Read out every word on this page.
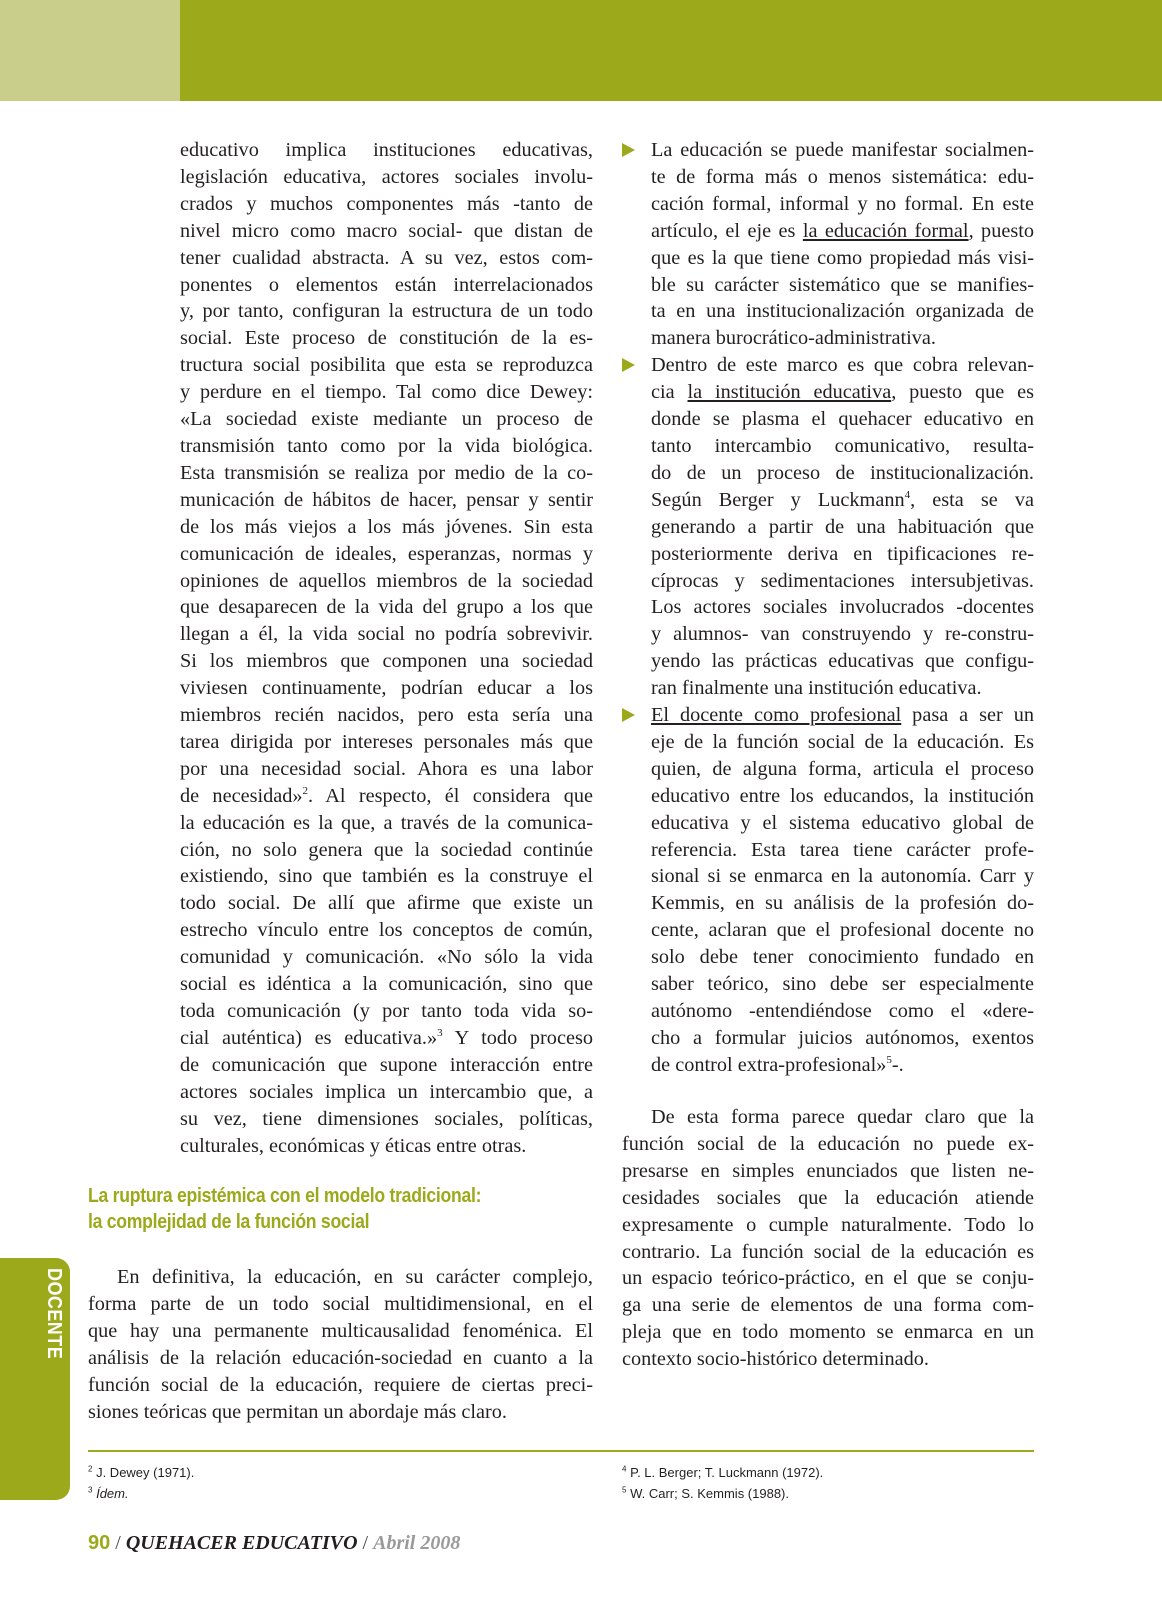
educativo implica instituciones educativas,
legislación educativa, actores sociales involu-
crados y muchos componentes más -tanto de
nivel micro como macro social- que distan de
tener cualidad abstracta. A su vez, estos com-
ponentes o elementos están interrelacionados
y, por tanto, configuran la estructura de un todo
social. Este proceso de constitución de la es-
tructura social posibilita que esta se reproduzca
y perdure en el tiempo. Tal como dice Dewey:
«La sociedad existe mediante un proceso de
transmisión tanto como por la vida biológica.
Esta transmisión se realiza por medio de la co-
municación de hábitos de hacer, pensar y sentir
de los más viejos a los más jóvenes. Sin esta
comunicación de ideales, esperanzas, normas y
opiniones de aquellos miembros de la sociedad
que desaparecen de la vida del grupo a los que
llegan a él, la vida social no podría sobrevivir.
Si los miembros que componen una sociedad
viviesen continuamente, podrían educar a los
miembros recién nacidos, pero esta sería una
tarea dirigida por intereses personales más que
por una necesidad social. Ahora es una labor
de necesidad»$^2$. Al respecto, él considera que
la educación es la que, a través de la comunica-
ción, no solo genera que la sociedad continúe
existiendo, sino que también es la construye el
todo social. De allí que afirme que existe un
estrecho vínculo entre los conceptos de común,
comunidad y comunicación. «No sólo la vida
social es idéntica a la comunicación, sino que
toda comunicación (y por tanto toda vida so-
cial auténtica) es educativa.»$^3$ Y todo proceso
de comunicación que supone interacción entre
actores sociales implica un intercambio que, a
su vez, tiene dimensiones sociales, políticas,
culturales, económicas y éticas entre otras.
La ruptura epistémica con el modelo tradicional:
la complejidad de la función social
En definitiva, la educación, en su carácter complejo,
forma parte de un todo social multidimensional, en el
que hay una permanente multicausalidad fenoménica. El
análisis de la relación educación-sociedad en cuanto a la
función social de la educación, requiere de ciertas preci-
siones teóricas que permitan un abordaje más claro.
La educación se puede manifestar socialmen-
te de forma más o menos sistemática: edu-
cación formal, informal y no formal. En este
artículo, el eje es la educación formal, puesto
que es la que tiene como propiedad más visi-
ble su carácter sistemático que se manifies-
ta en una institucionalización organizada de
manera burocrático-administrativa.
Dentro de este marco es que cobra relevan-
cia la institución educativa, puesto que es
donde se plasma el quehacer educativo en
tanto intercambio comunicativo, resulta-
do de un proceso de institucionalización.
Según Berger y Luckmann$^4$, esta se va
generando a partir de una habituación que
posteriormente deriva en tipificaciones re-
cíprocas y sedimentaciones intersubjetivas.
Los actores sociales involucrados -docentes
y alumnos- van construyendo y re-constru-
yendo las prácticas educativas que configu-
ran finalmente una institución educativa.
El docente como profesional pasa a ser un
eje de la función social de la educación. Es
quien, de alguna forma, articula el proceso
educativo entre los educandos, la institución
educativa y el sistema educativo global de
referencia. Esta tarea tiene carácter profe-
sional si se enmarca en la autonomía. Carr y
Kemmis, en su análisis de la profesión do-
cente, aclaran que el profesional docente no
solo debe tener conocimiento fundado en
saber teórico, sino debe ser especialmente
autónomo -entendiéndose como el «dere-
cho a formular juicios autónomos, exentos
de control extra-profesional»$^5$-.
De esta forma parece quedar claro que la
función social de la educación no puede ex-
presarse en simples enunciados que listen ne-
cesidades sociales que la educación atiende
expresamente o cumple naturalmente. Todo lo
contrario. La función social de la educación es
un espacio teórico-práctico, en el que se conju-
ga una serie de elementos de una forma com-
pleja que en todo momento se enmarca en un
contexto socio-histórico determinado.
FORMACIÓN DOCENTE
$^2$ J. Dewey (1971).
$^3$ Ídem.
$^4$ P. L. Berger; T. Luckmann (1972).
$^5$ W. Carr; S. Kemmis (1988).
90 / QUEHACER EDUCATIVO / Abril 2008
